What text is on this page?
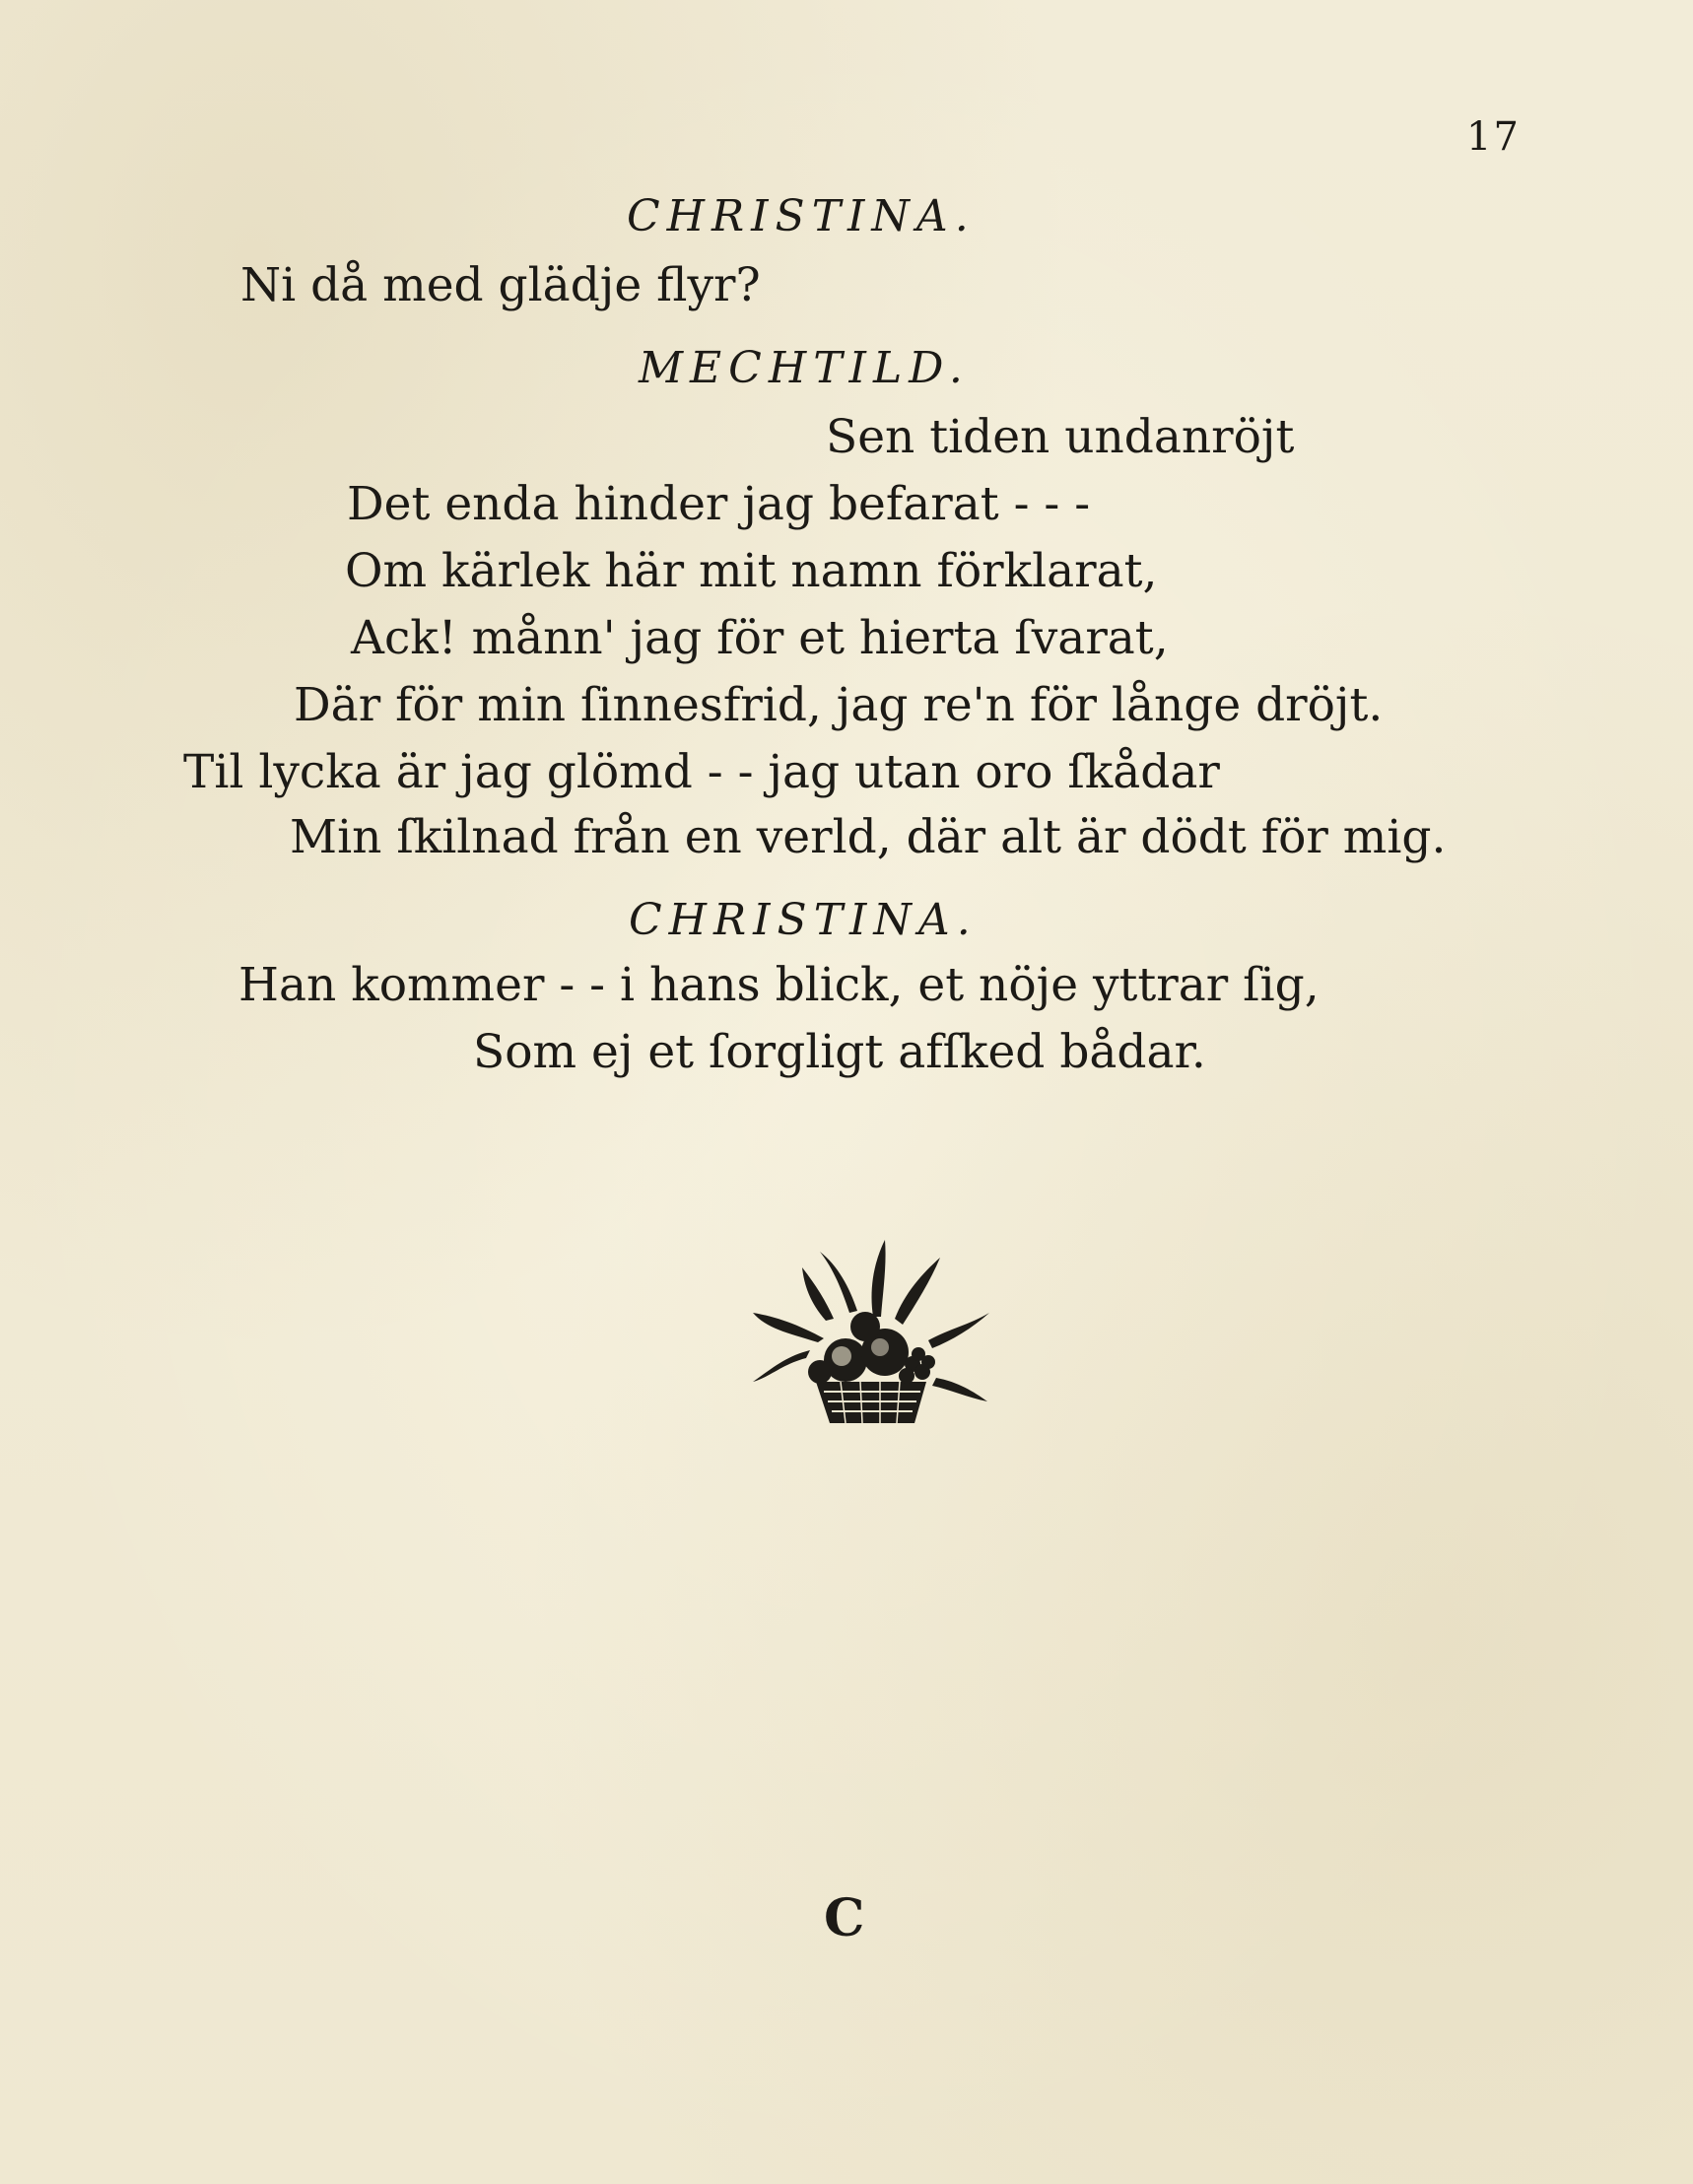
17
CHRISTINA.
Ni då med glädje flyr?
MECHTILD.
Sen tiden undanröjt
Det enda hinder jag befarat - - -
Om kärlek här mit namn förklarat,
Ack! månn' jag för et hierta ſvarat,
Där för min ſinnesfrid, jag re'n för långe dröjt.
Til lycka är jag glömd - - jag utan oro ſkådar
Min ſkilnad från en verld, där alt är dödt för mig.
CHRISTINA.
Han kommer - - i hans blick, et nöje yttrar ſig,
Som ej et ſorgligt afſked bådar.
C
